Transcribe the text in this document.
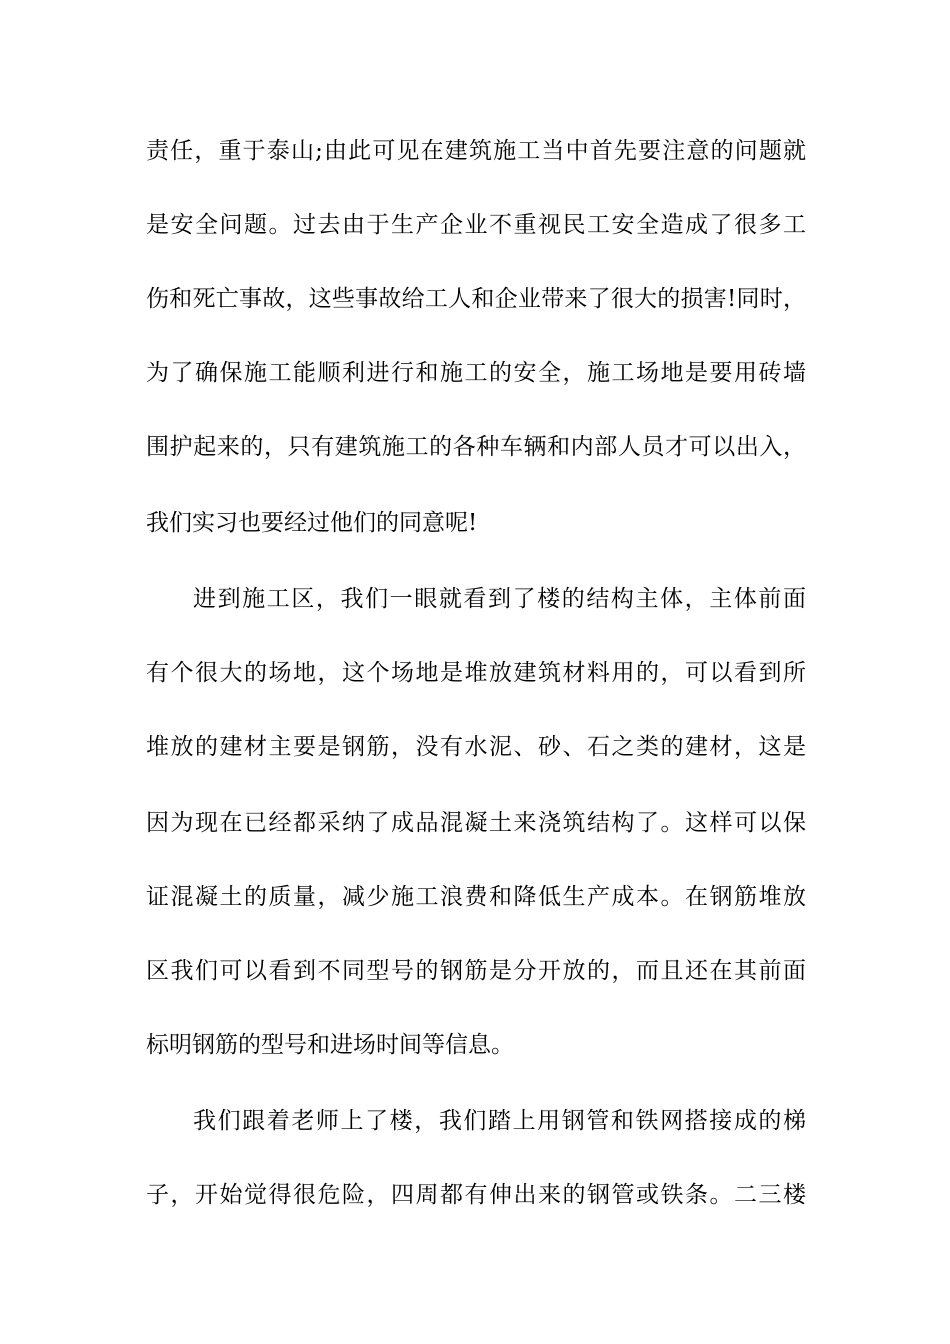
责任，重于泰山;由此可见在建筑施工当中首先要注意的问题就
是安全问题。过去由于生产企业不重视民工安全造成了很多工
伤和死亡事故，这些事故给工人和企业带来了很大的损害!同时，
为了确保施工能顺利进行和施工的安全，施工场地是要用砖墙
围护起来的，只有建筑施工的各种车辆和内部人员才可以出入，
我们实习也要经过他们的同意呢!
进到施工区，我们一眼就看到了楼的结构主体，主体前面
有个很大的场地，这个场地是堆放建筑材料用的，可以看到所
堆放的建材主要是钢筋，没有水泥、砂、石之类的建材，这是
因为现在已经都采纳了成品混凝土来浇筑结构了。这样可以保
证混凝土的质量，减少施工浪费和降低生产成本。在钢筋堆放
区我们可以看到不同型号的钢筋是分开放的，而且还在其前面
标明钢筋的型号和进场时间等信息。
我们跟着老师上了楼，我们踏上用钢管和铁网搭接成的梯
子，开始觉得很危险，四周都有伸出来的钢管或铁条。二三楼
